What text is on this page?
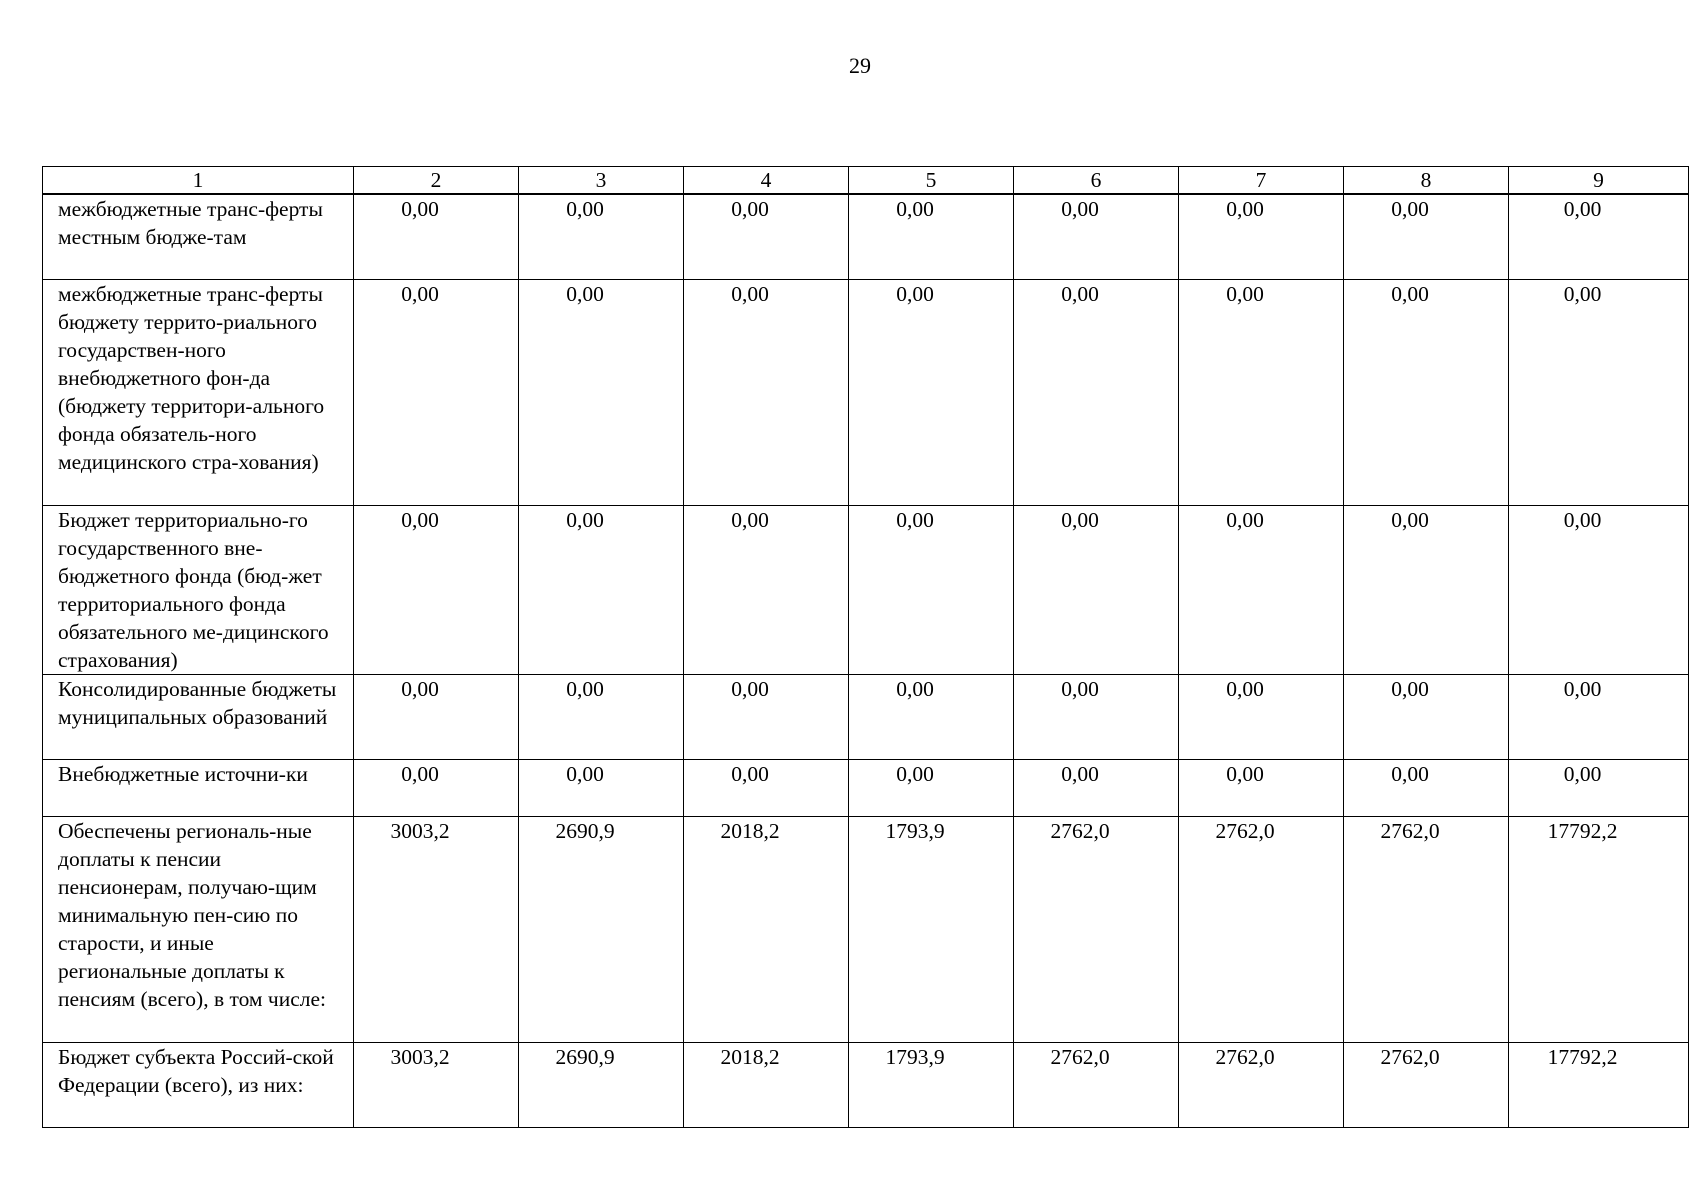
29
1	2	3	4	5	6	7	8	9
межбюджетные транс-ферты местным бюдже-там	0,00	0,00	0,00	0,00	0,00	0,00	0,00	0,00
межбюджетные транс-ферты бюджету террито-риального государствен-ного внебюджетного фон-да (бюджету территори-ального фонда обязатель-ного медицинского стра-хования)	0,00	0,00	0,00	0,00	0,00	0,00	0,00	0,00
Бюджет территориально-го государственного вне-бюджетного фонда (бюд-жет территориального фонда обязательного ме-дицинского страхования)	0,00	0,00	0,00	0,00	0,00	0,00	0,00	0,00
Консолидированные бюджеты муниципальных образований	0,00	0,00	0,00	0,00	0,00	0,00	0,00	0,00
Внебюджетные источни-ки	0,00	0,00	0,00	0,00	0,00	0,00	0,00	0,00
Обеспечены региональ-ные доплаты к пенсии пенсионерам, получаю-щим минимальную пен-сию по старости, и иные региональные доплаты к пенсиям (всего), в том числе:	3003,2	2690,9	2018,2	1793,9	2762,0	2762,0	2762,0	17792,2
Бюджет субъекта Россий-ской Федерации (всего), из них:	3003,2	2690,9	2018,2	1793,9	2762,0	2762,0	2762,0	17792,2
